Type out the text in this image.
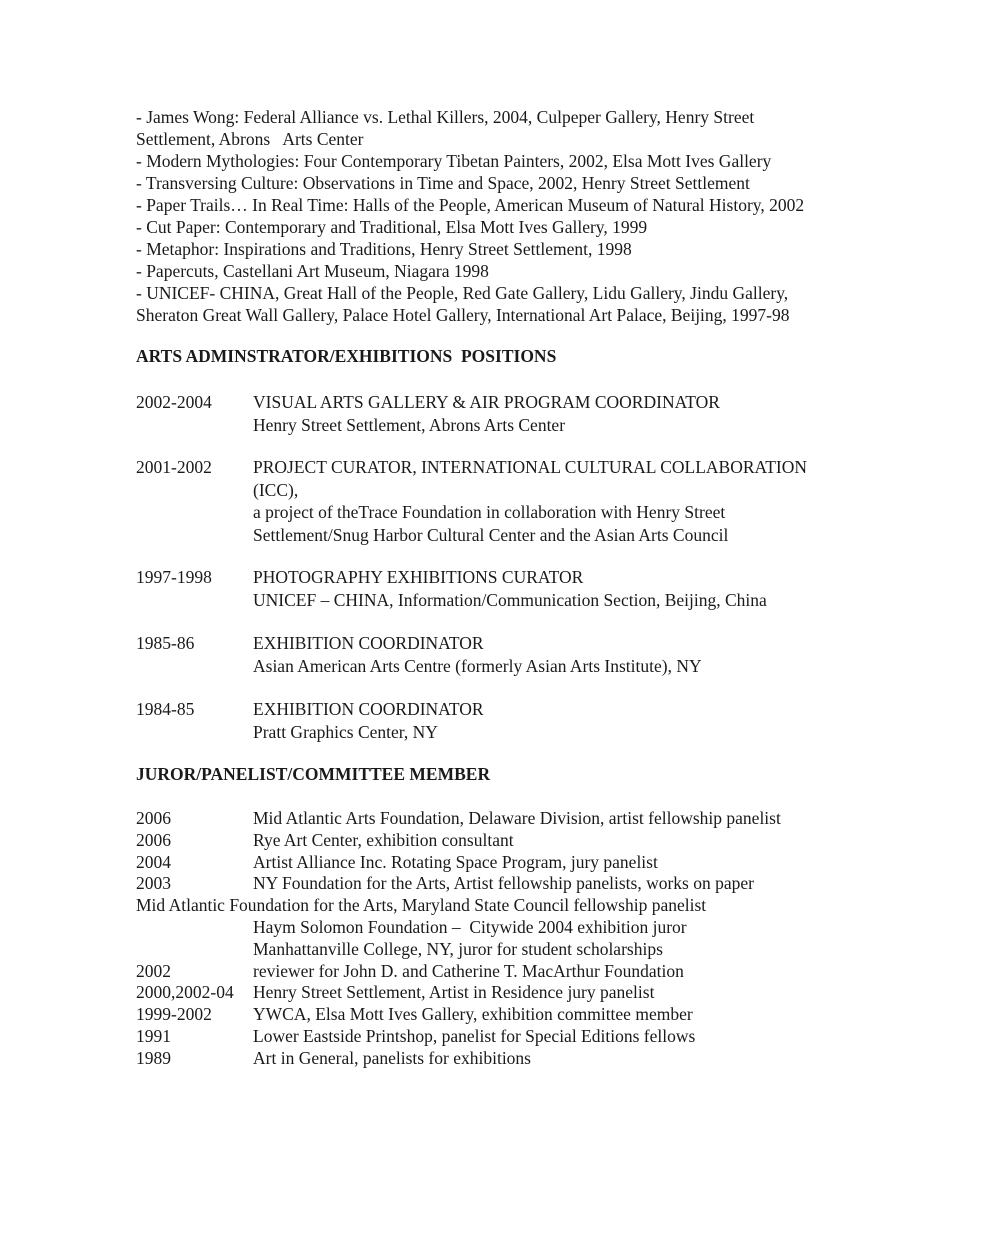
- James Wong: Federal Alliance vs. Lethal Killers, 2004, Culpeper Gallery, Henry Street
Settlement, Abrons   Arts Center
- Modern Mythologies: Four Contemporary Tibetan Painters, 2002, Elsa Mott Ives Gallery
- Transversing Culture: Observations in Time and Space, 2002, Henry Street Settlement
- Paper Trails… In Real Time: Halls of the People, American Museum of Natural History, 2002
- Cut Paper: Contemporary and Traditional, Elsa Mott Ives Gallery, 1999
- Metaphor: Inspirations and Traditions, Henry Street Settlement, 1998
- Papercuts, Castellani Art Museum, Niagara 1998
- UNICEF- CHINA, Great Hall of the People, Red Gate Gallery, Lidu Gallery, Jindu Gallery,
Sheraton Great Wall Gallery, Palace Hotel Gallery, International Art Palace, Beijing, 1997-98
ARTS ADMINSTRATOR/EXHIBITIONS  POSITIONS
2002-2004 VISUAL ARTS GALLERY & AIR PROGRAM COORDINATOR
Henry Street Settlement, Abrons Arts Center
2001-2002 PROJECT CURATOR, INTERNATIONAL CULTURAL COLLABORATION
(ICC),
a project of theTrace Foundation in collaboration with Henry Street
Settlement/Snug Harbor Cultural Center and the Asian Arts Council
1997-1998 PHOTOGRAPHY EXHIBITIONS CURATOR
UNICEF – CHINA, Information/Communication Section, Beijing, China
1985-86	EXHIBITION COORDINATOR
Asian American Arts Centre (formerly Asian Arts Institute), NY
1984-85	EXHIBITION COORDINATOR
Pratt Graphics Center, NY
JUROR/PANELIST/COMMITTEE MEMBER
2006	Mid Atlantic Arts Foundation, Delaware Division, artist fellowship panelist
2006	Rye Art Center, exhibition consultant
2004	Artist Alliance Inc. Rotating Space Program, jury panelist
2003	NY Foundation for the Arts, Artist fellowship panelists, works on paper
Mid Atlantic Foundation for the Arts, Maryland State Council fellowship panelist
Haym Solomon Foundation –  Citywide 2004 exhibition juror
Manhattanville College, NY, juror for student scholarships
2002	reviewer for John D. and Catherine T. MacArthur Foundation
2000,2002-04 Henry Street Settlement, Artist in Residence jury panelist
1999-2002 YWCA, Elsa Mott Ives Gallery, exhibition committee member
1991	Lower Eastside Printshop, panelist for Special Editions fellows
1989	Art in General, panelists for exhibitions
